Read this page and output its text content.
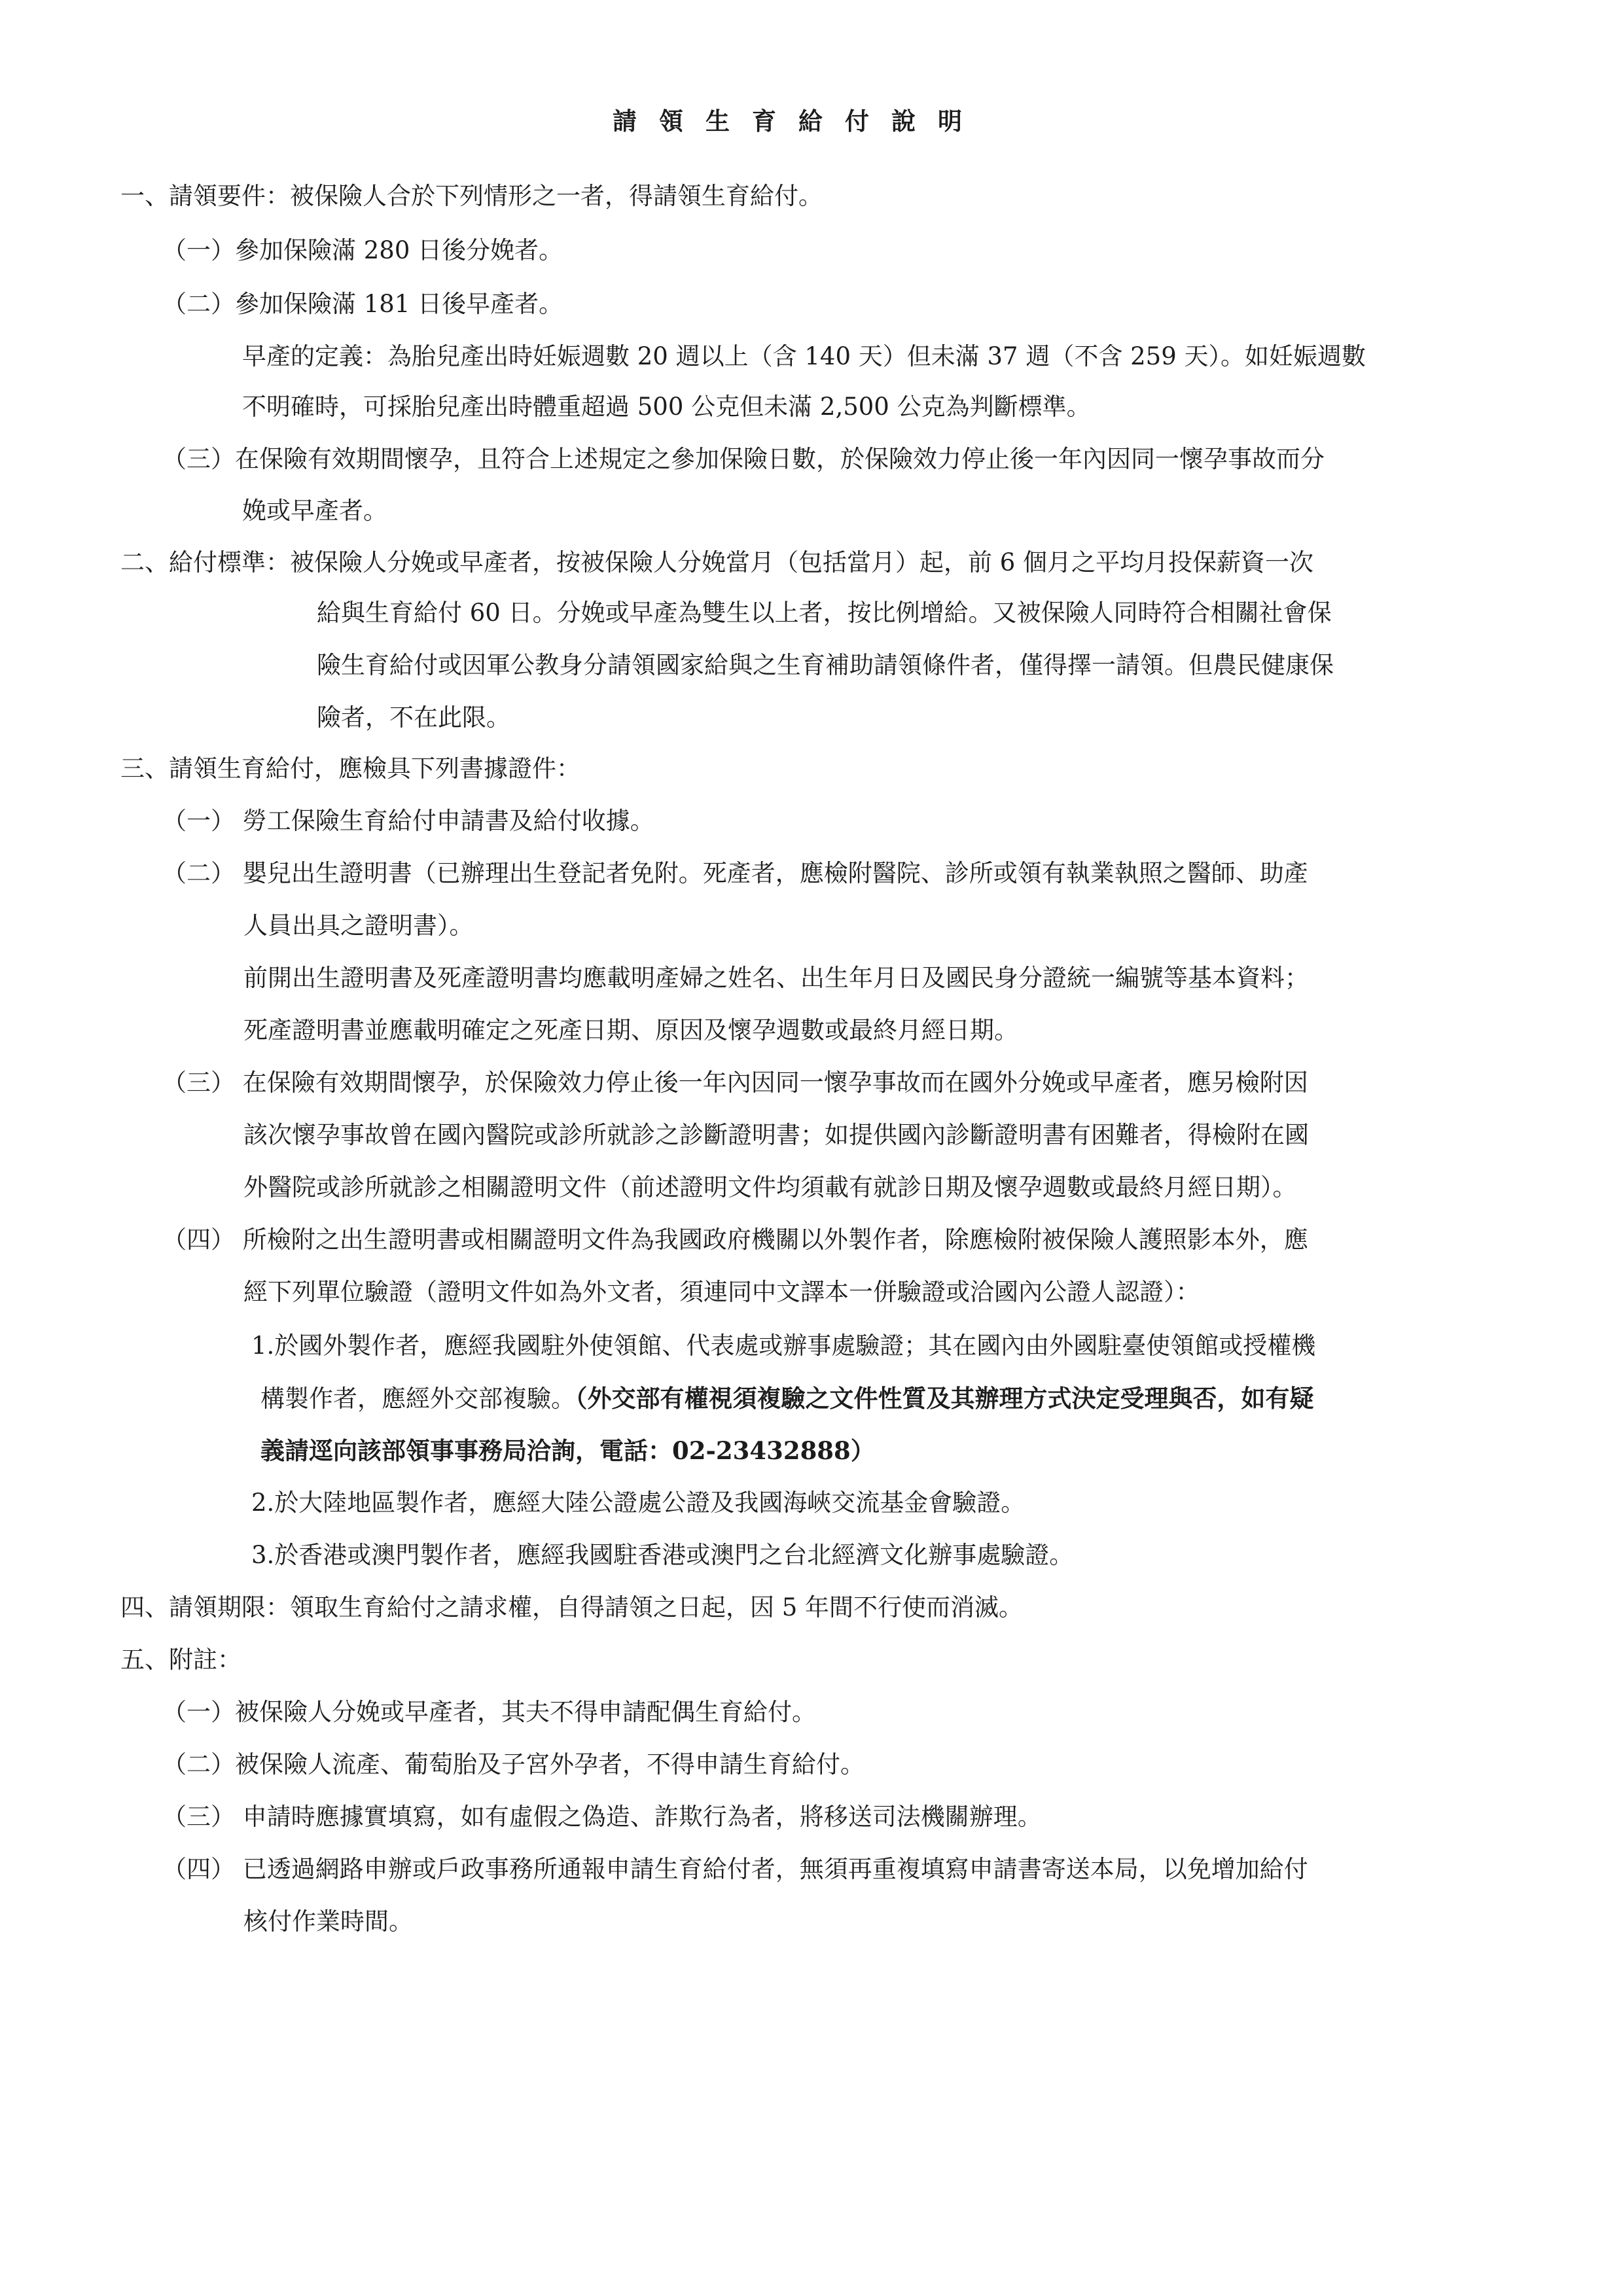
請領生育給付說明
一、請領要件：被保險人合於下列情形之一者，得請領生育給付。
（一）參加保險滿 280 日後分娩者。
（二）參加保險滿 181 日後早產者。
早產的定義：為胎兒產出時妊娠週數 20 週以上（含 140 天）但未滿 37 週（不含 259 天）。如妊娠週數
不明確時，可採胎兒產出時體重超過 500 公克但未滿 2,500 公克為判斷標準。
（三）在保險有效期間懷孕，且符合上述規定之參加保險日數，於保險效力停止後一年內因同一懷孕事故而分
娩或早產者。
二、給付標準：被保險人分娩或早產者，按被保險人分娩當月（包括當月）起，前 6 個月之平均月投保薪資一次
給與生育給付 60 日。分娩或早產為雙生以上者，按比例增給。又被保險人同時符合相關社會保
險生育給付或因軍公教身分請領國家給與之生育補助請領條件者，僅得擇一請領。但農民健康保
險者，不在此限。
三、請領生育給付，應檢具下列書據證件：
（一） 勞工保險生育給付申請書及給付收據。
（二） 嬰兒出生證明書（已辦理出生登記者免附。死產者，應檢附醫院、診所或領有執業執照之醫師、助產
人員出具之證明書）。
前開出生證明書及死產證明書均應載明產婦之姓名、出生年月日及國民身分證統一編號等基本資料；
死產證明書並應載明確定之死產日期、原因及懷孕週數或最終月經日期。
（三） 在保險有效期間懷孕，於保險效力停止後一年內因同一懷孕事故而在國外分娩或早產者，應另檢附因
該次懷孕事故曾在國內醫院或診所就診之診斷證明書；如提供國內診斷證明書有困難者，得檢附在國
外醫院或診所就診之相關證明文件（前述證明文件均須載有就診日期及懷孕週數或最終月經日期）。
（四） 所檢附之出生證明書或相關證明文件為我國政府機關以外製作者，除應檢附被保險人護照影本外，應
經下列單位驗證（證明文件如為外文者，須連同中文譯本一併驗證或洽國內公證人認證）：
1.於國外製作者，應經我國駐外使領館、代表處或辦事處驗證；其在國內由外國駐臺使領館或授權機
構製作者，應經外交部複驗。（外交部有權視須複驗之文件性質及其辦理方式決定受理與否，如有疑
義請逕向該部領事事務局洽詢，電話：02-23432888）
2.於大陸地區製作者，應經大陸公證處公證及我國海峽交流基金會驗證。
3.於香港或澳門製作者，應經我國駐香港或澳門之台北經濟文化辦事處驗證。
四、請領期限：領取生育給付之請求權，自得請領之日起，因 5 年間不行使而消滅。
五、附註：
（一）被保險人分娩或早產者，其夫不得申請配偶生育給付。
（二）被保險人流產、葡萄胎及子宮外孕者，不得申請生育給付。
（三） 申請時應據實填寫，如有虛假之偽造、詐欺行為者，將移送司法機關辦理。
（四） 已透過網路申辦或戶政事務所通報申請生育給付者，無須再重複填寫申請書寄送本局，以免增加給付
核付作業時間。
